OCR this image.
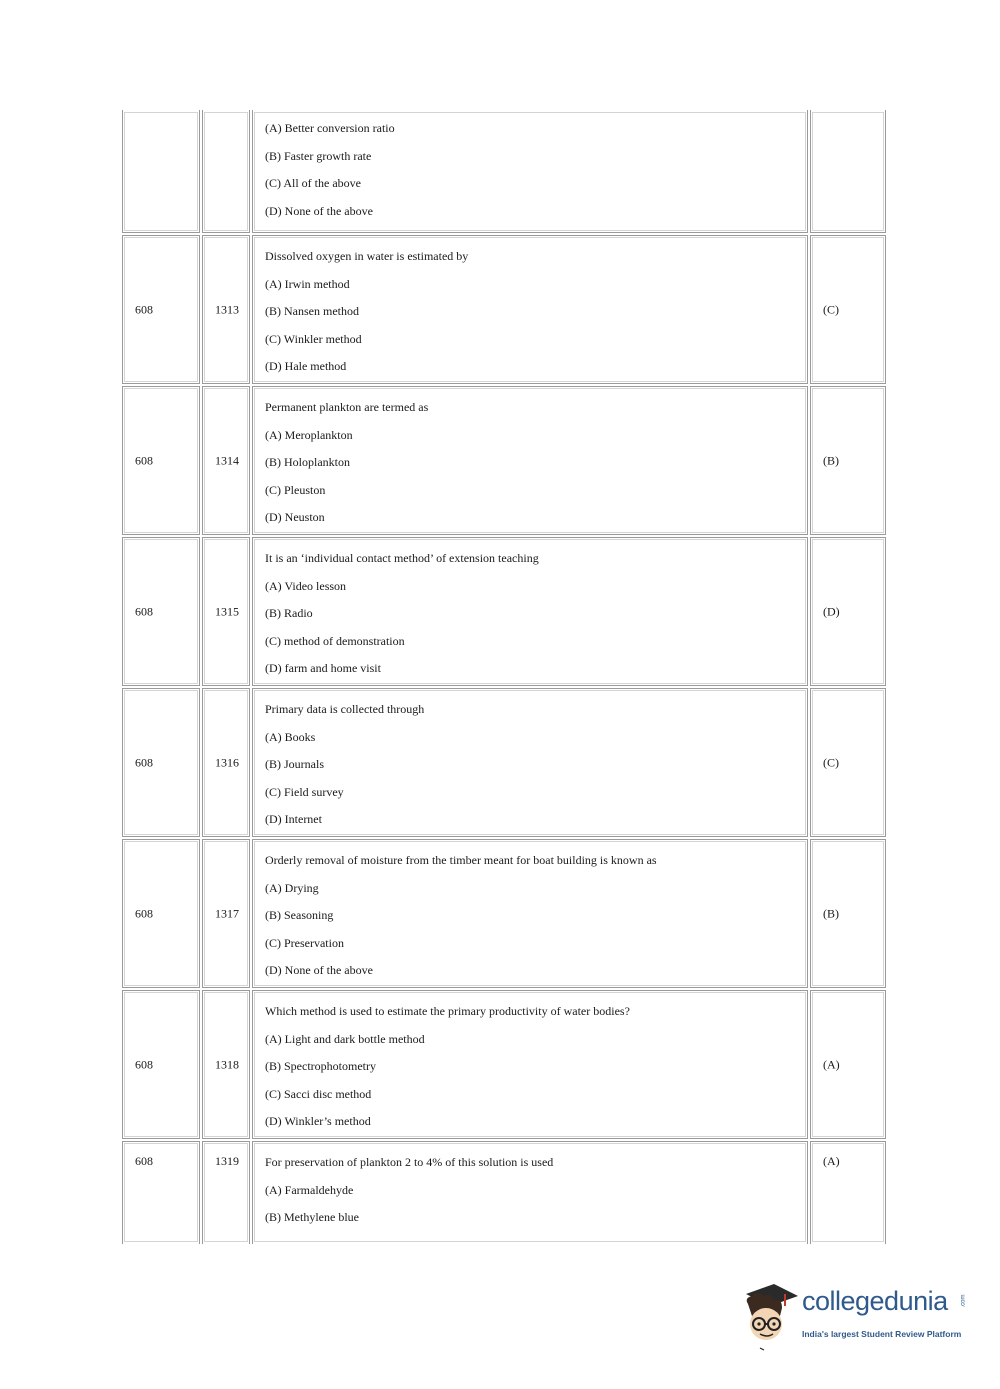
(A) Better conversion ratio
(B) Faster growth rate
(C) All of the above
(D) None of the above
608	1313
Dissolved oxygen in water is estimated by
(A) Irwin method
(B) Nansen method
(C) Winkler method
(D) Hale method
(C)
608	1314
Permanent plankton are termed as
(A) Meroplankton
(B) Holoplankton
(C) Pleuston
(D) Neuston
(B)
608	1315
It is an ‘individual contact method’ of extension teaching
(A) Video lesson
(B) Radio
(C) method of demonstration
(D) farm and home visit
(D)
608	1316
Primary data is collected through
(A) Books
(B) Journals
(C) Field survey
(D) Internet
(C)
608	1317
Orderly removal of moisture from the timber meant for boat building is known as
(A) Drying
(B) Seasoning
(C) Preservation
(D) None of the above
(B)
608	1318
Which method is used to estimate the primary productivity of water bodies?
(A) Light and dark bottle method
(B) Spectrophotometry
(C) Sacci disc method
(D) Winkler’s method
(A)
608	1319	For preservation of plankton 2 to 4% of this solution is used
(A) Farmaldehyde
(B) Methylene blue
(A)
collegedunia .com
India's largest Student Review Platform
